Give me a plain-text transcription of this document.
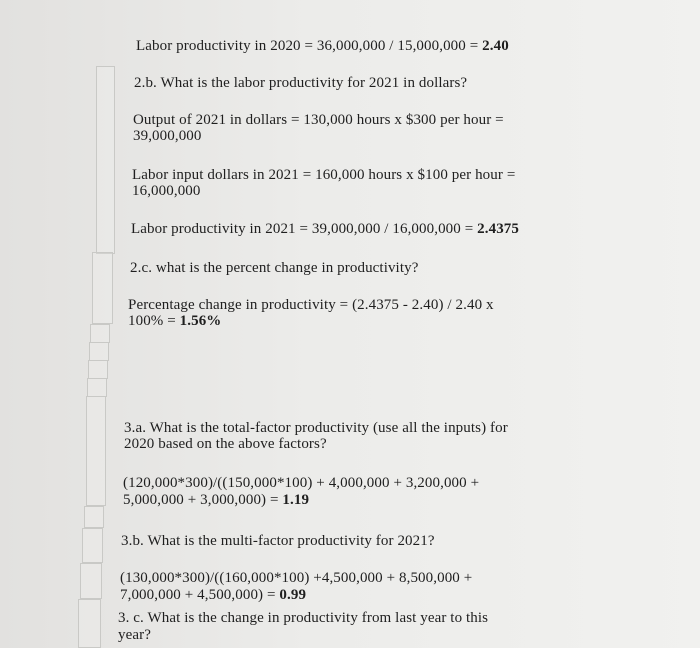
Labor productivity in 2020 = 36,000,000 / 15,000,000 = 2.40
2.b. What is the labor productivity for 2021 in dollars?
Output of 2021 in dollars = 130,000 hours x $300 per hour =
39,000,000
Labor input dollars in 2021 = 160,000 hours x $100 per hour =
16,000,000
Labor productivity in 2021 = 39,000,000 / 16,000,000 = 2.4375
2.c. what is the percent change in productivity?
Percentage change in productivity = (2.4375 - 2.40) / 2.40 x
100% = 1.56%
3.a. What is the total-factor productivity (use all the inputs) for
2020 based on the above factors?
(120,000*300)/((150,000*100) + 4,000,000 + 3,200,000 +
5,000,000 + 3,000,000) = 1.19
3.b. What is the multi-factor productivity for 2021?
(130,000*300)/((160,000*100) +4,500,000 + 8,500,000 +
7,000,000 + 4,500,000) = 0.99
3. c. What is the change in productivity from last year to this
year?
